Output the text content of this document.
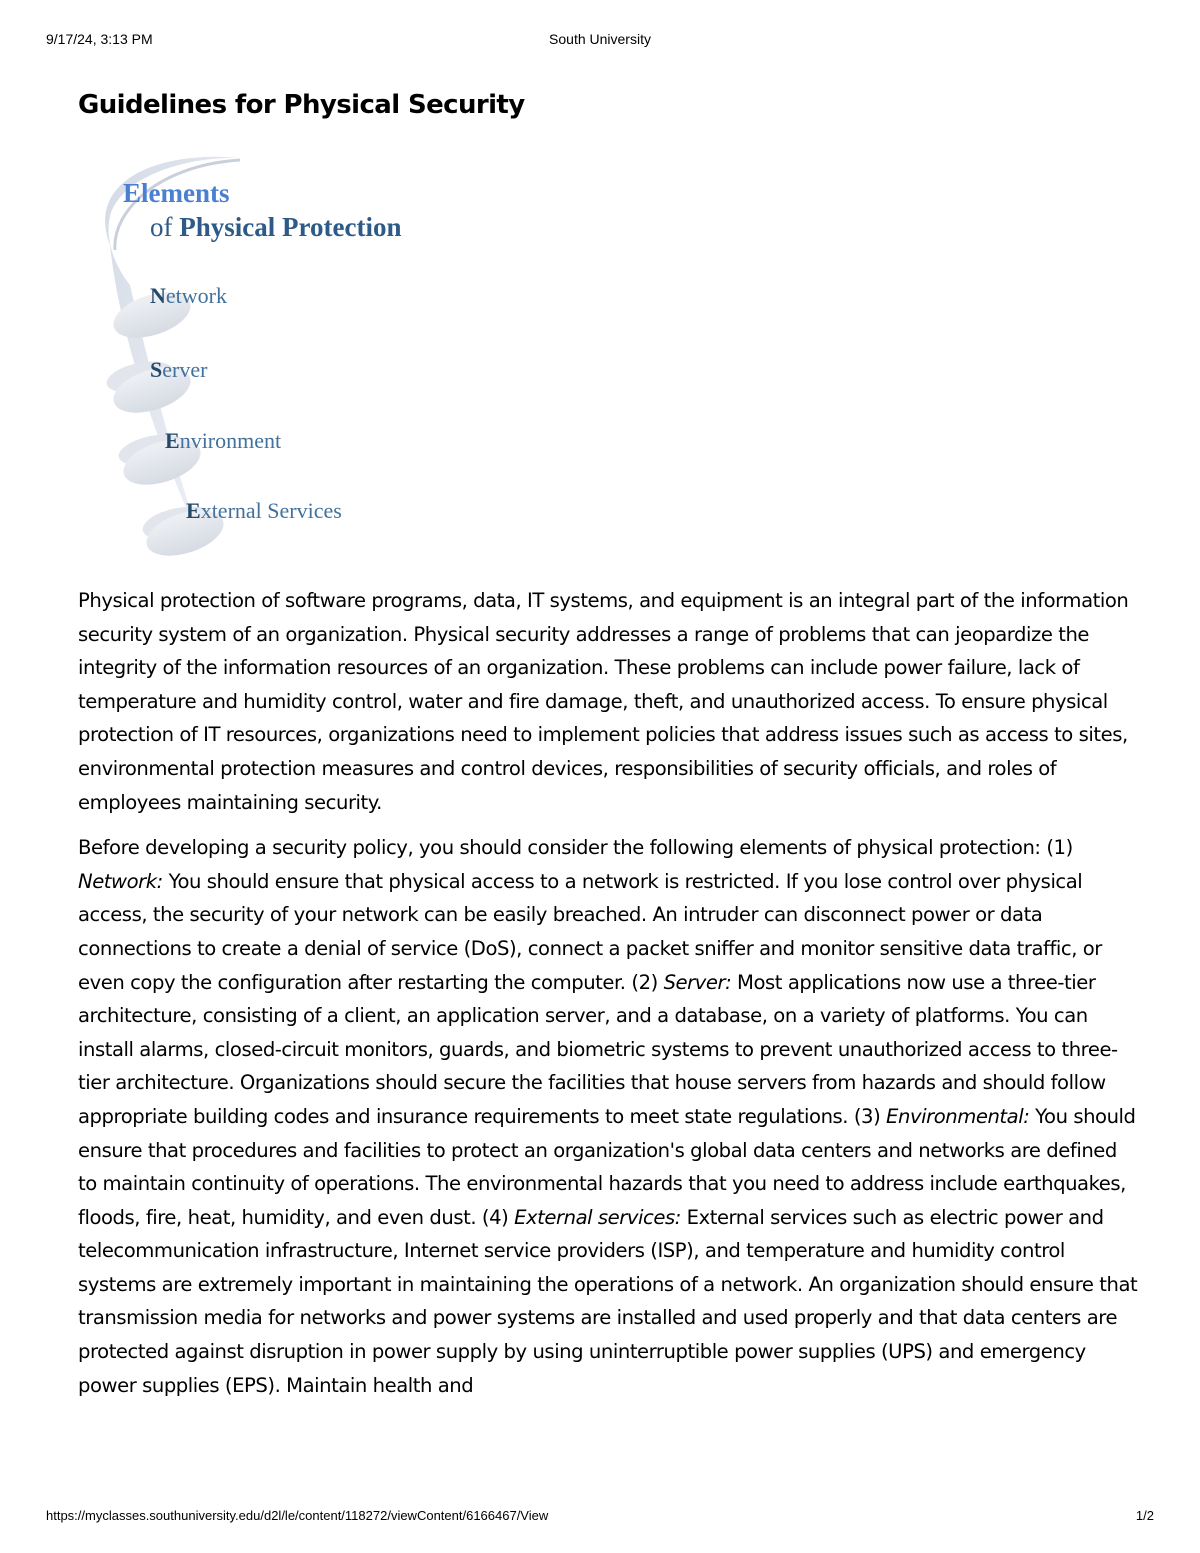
9/17/24, 3:13 PM	South University
Guidelines for Physical Security
Elements
of Physical Protection
Network
Server
Environment
External Services

Physical protection of software programs, data, IT systems, and equipment is an integral part of the information security system of an organization. Physical security addresses a range of problems that can jeopardize the integrity of the information resources of an organization. These problems can include power failure, lack of temperature and humidity control, water and fire damage, theft, and unauthorized access. To ensure physical protection of IT resources, organizations need to implement policies that address issues such as access to sites, environmental protection measures and control devices, responsibilities of security officials, and roles of employees maintaining security.

Before developing a security policy, you should consider the following elements of physical protection: (1) Network: You should ensure that physical access to a network is restricted. If you lose control over physical access, the security of your network can be easily breached. An intruder can disconnect power or data connections to create a denial of service (DoS), connect a packet sniffer and monitor sensitive data traffic, or even copy the configuration after restarting the computer. (2) Server: Most applications now use a three-tier architecture, consisting of a client, an application server, and a database, on a variety of platforms. You can install alarms, closed-circuit monitors, guards, and biometric systems to prevent unauthorized access to three-tier architecture. Organizations should secure the facilities that house servers from hazards and should follow appropriate building codes and insurance requirements to meet state regulations. (3) Environmental: You should ensure that procedures and facilities to protect an organization's global data centers and networks are defined to maintain continuity of operations. The environmental hazards that you need to address include earthquakes, floods, fire, heat, humidity, and even dust. (4) External services: External services such as electric power and telecommunication infrastructure, Internet service providers (ISP), and temperature and humidity control systems are extremely important in maintaining the operations of a network. An organization should ensure that transmission media for networks and power systems are installed and used properly and that data centers are protected against disruption in power supply by using uninterruptible power supplies (UPS) and emergency power supplies (EPS). Maintain health and

https://myclasses.southuniversity.edu/d2l/le/content/118272/viewContent/6166467/View	1/2
